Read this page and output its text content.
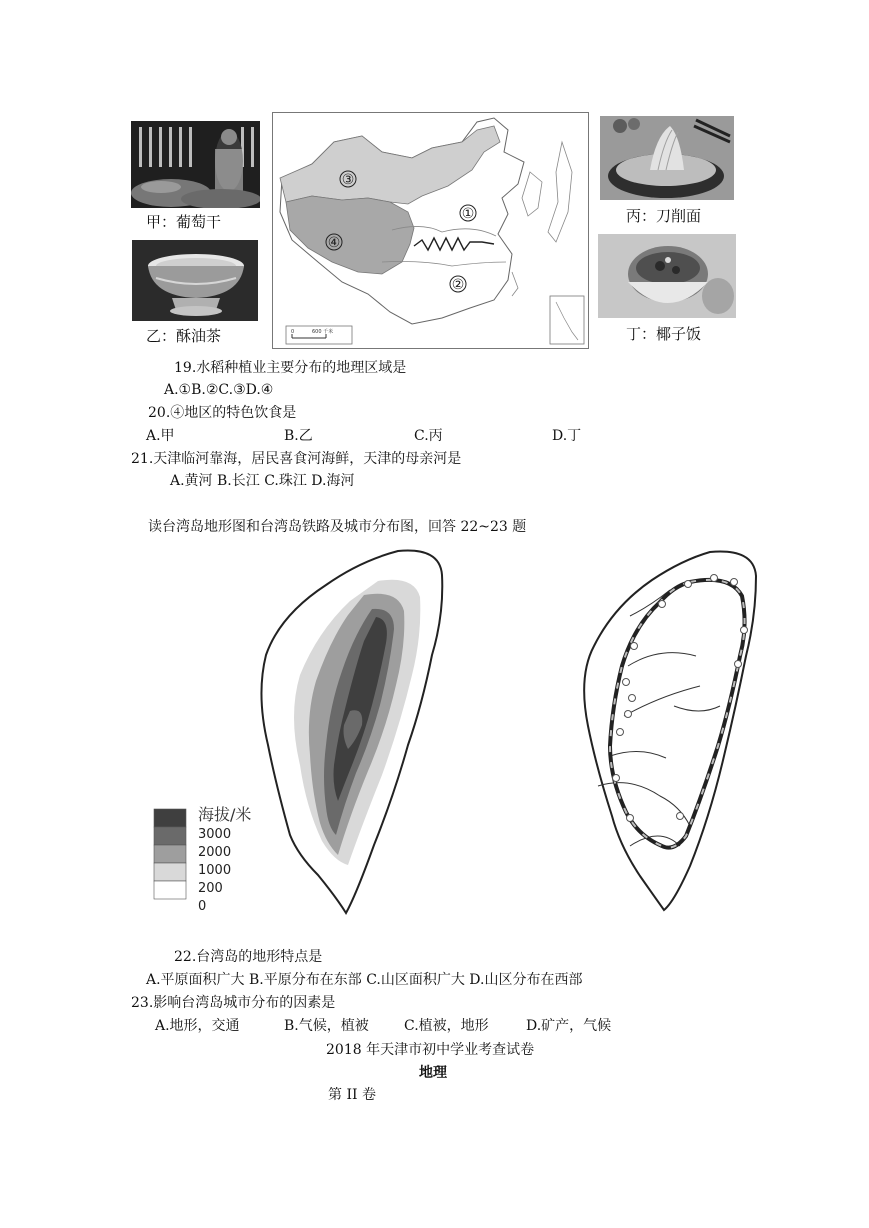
甲：葡萄干
乙：酥油茶	0	600 千米
③
④
①
②
丙：刀削面
丁：椰子饭
19.水稻种植业主要分布的地理区域是
A.①B.②C.③D.④
20.④地区的特色饮食是
A.甲	B.乙	C.丙	D.丁
21.天津临河靠海，居民喜食河海鲜，天津的母亲河是
A.黄河 B.长江 C.珠江 D.海河
读台湾岛地形图和台湾岛铁路及城市分布图，回答 22~23 题
海拔/米
3000
2000
1000
200
0
22.台湾岛的地形特点是
A.平原面积广大 B.平原分布在东部 C.山区面积广大 D.山区分布在西部
23.影响台湾岛城市分布的因素是
A.地形，交通	B.气候，植被	C.植被，地形	D.矿产，气候
2018 年天津市初中学业考查试卷
地理
第 II 卷
